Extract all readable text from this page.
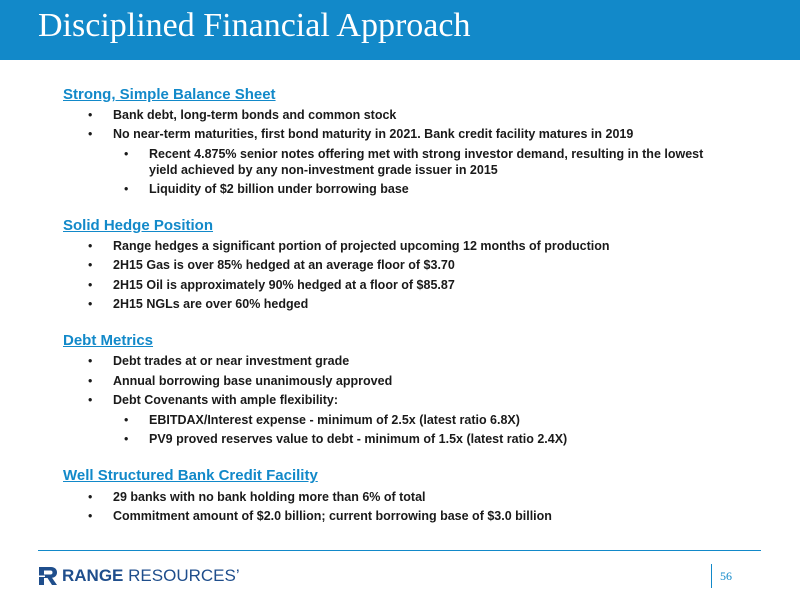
Disciplined Financial Approach
Strong, Simple Balance Sheet
• Bank debt, long-term bonds and common stock
• No near-term maturities, first bond maturity in 2021. Bank credit facility matures in 2019
• Recent 4.875% senior notes offering met with strong investor demand, resulting in the lowest yield achieved by any non-investment grade issuer in 2015
• Liquidity of $2 billion under borrowing base
Solid Hedge Position
• Range hedges a significant portion of projected upcoming 12 months of production
• 2H15 Gas is over 85% hedged at an average floor of $3.70
• 2H15 Oil is approximately 90% hedged at a floor of $85.87
• 2H15 NGLs are over 60% hedged
Debt Metrics
• Debt trades at or near investment grade
• Annual borrowing base unanimously approved
• Debt Covenants with ample flexibility:
• EBITDAX/Interest expense - minimum of 2.5x (latest ratio 6.8X)
• PV9 proved reserves value to debt - minimum of 1.5x (latest ratio 2.4X)
Well Structured Bank Credit Facility
• 29 banks with no bank holding more than 6% of total
• Commitment amount of $2.0 billion; current borrowing base of $3.0 billion
RANGE RESOURCES’	56
